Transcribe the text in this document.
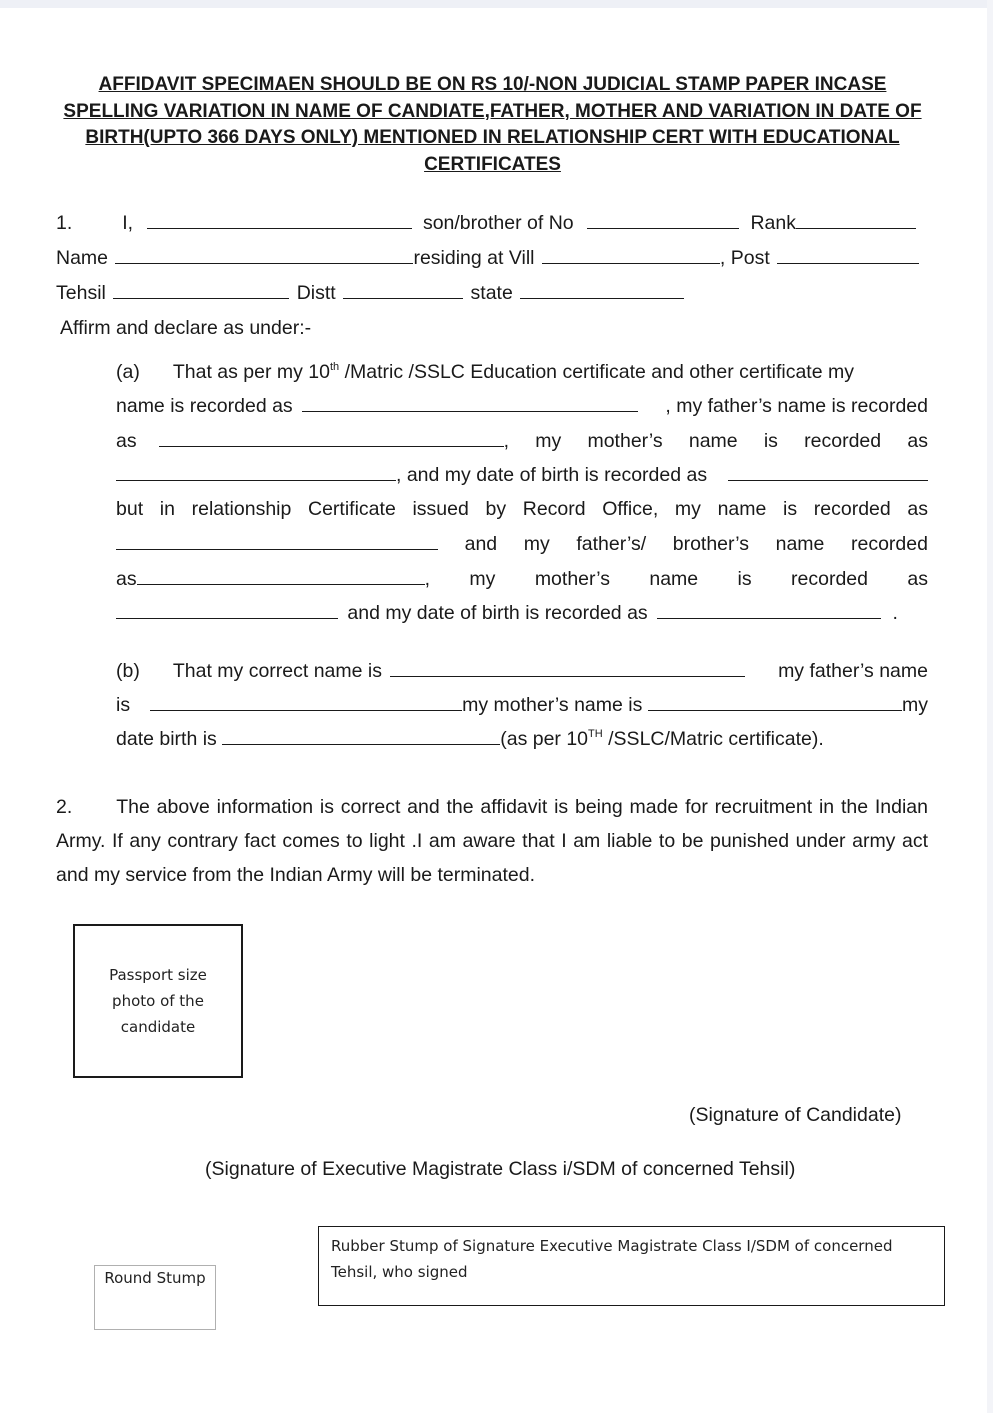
AFFIDAVIT SPECIMAEN SHOULD BE ON RS 10/-NON JUDICIAL STAMP PAPER INCASE SPELLING VARIATION IN NAME OF CANDIATE,FATHER, MOTHER AND VARIATION IN DATE OF BIRTH(UPTO 366 DAYS ONLY) MENTIONED IN RELATIONSHIP CERT WITH EDUCATIONAL CERTIFICATES
1.	I,	son/brother of No	Rank
Name	residing at Vill	, Post
Tehsil	Distt	state
Affirm and declare as under:-
(a) That as per my 10th /Matric /SSLC Education certificate and other certificate my
name is recorded as	, my father’s name is recorded
as	, my mother’s name is recorded as
, and my date of birth is recorded as
but in relationship Certificate issued by Record Office, my name is recorded as
and my father’s/ brother’s name recorded
as	, my mother’s name is recorded as
and my date of birth is recorded as	.
(b) That my correct name is	my father’s name
is	my mother’s name is	my
date birth is	(as per 10TH /SSLC/Matric certificate).
2. The above information is correct and the affidavit is being made for recruitment in the Indian Army. If any contrary fact comes to light .I am aware that I am liable to be punished under army act and my service from the Indian Army will be terminated.
Passport size
photo of the
candidate
(Signature of Candidate)
(Signature of Executive Magistrate Class i/SDM of concerned Tehsil)
Rubber Stump of Signature Executive Magistrate Class I/SDM of concerned Tehsil, who signed
Round Stump
